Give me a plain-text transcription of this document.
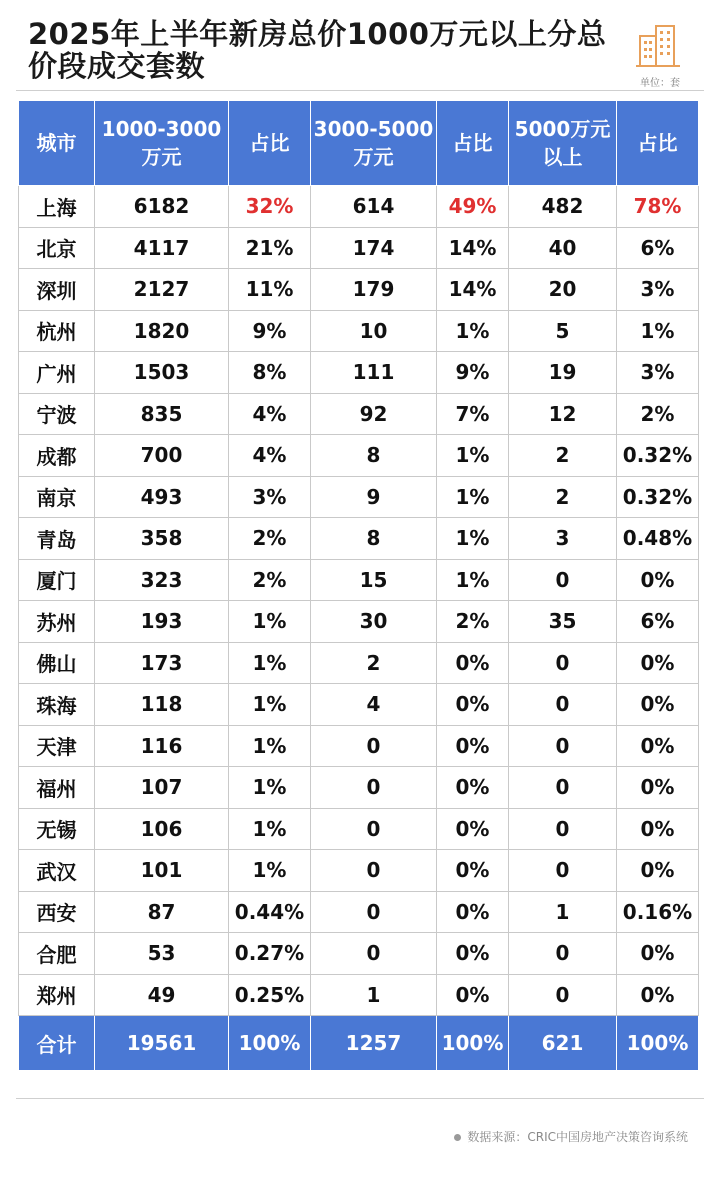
2025年上半年新房总价1000万元以上分总价段成交套数
单位：套
城市	1000-3000万元	占比	3000-5000万元	占比	5000万元以上	占比
上海	6182	32%	614	49%	482	78%
北京	4117	21%	174	14%	40	6%
深圳	2127	11%	179	14%	20	3%
杭州	1820	9%	10	1%	5	1%
广州	1503	8%	111	9%	19	3%
宁波	835	4%	92	7%	12	2%
成都	700	4%	8	1%	2	0.32%
南京	493	3%	9	1%	2	0.32%
青岛	358	2%	8	1%	3	0.48%
厦门	323	2%	15	1%	0	0%
苏州	193	1%	30	2%	35	6%
佛山	173	1%	2	0%	0	0%
珠海	118	1%	4	0%	0	0%
天津	116	1%	0	0%	0	0%
福州	107	1%	0	0%	0	0%
无锡	106	1%	0	0%	0	0%
武汉	101	1%	0	0%	0	0%
西安	87	0.44%	0	0%	1	0.16%
合肥	53	0.27%	0	0%	0	0%
郑州	49	0.25%	1	0%	0	0%
合计	19561	100%	1257	100%	621	100%
数据来源：CRIC中国房地产决策咨询系统
